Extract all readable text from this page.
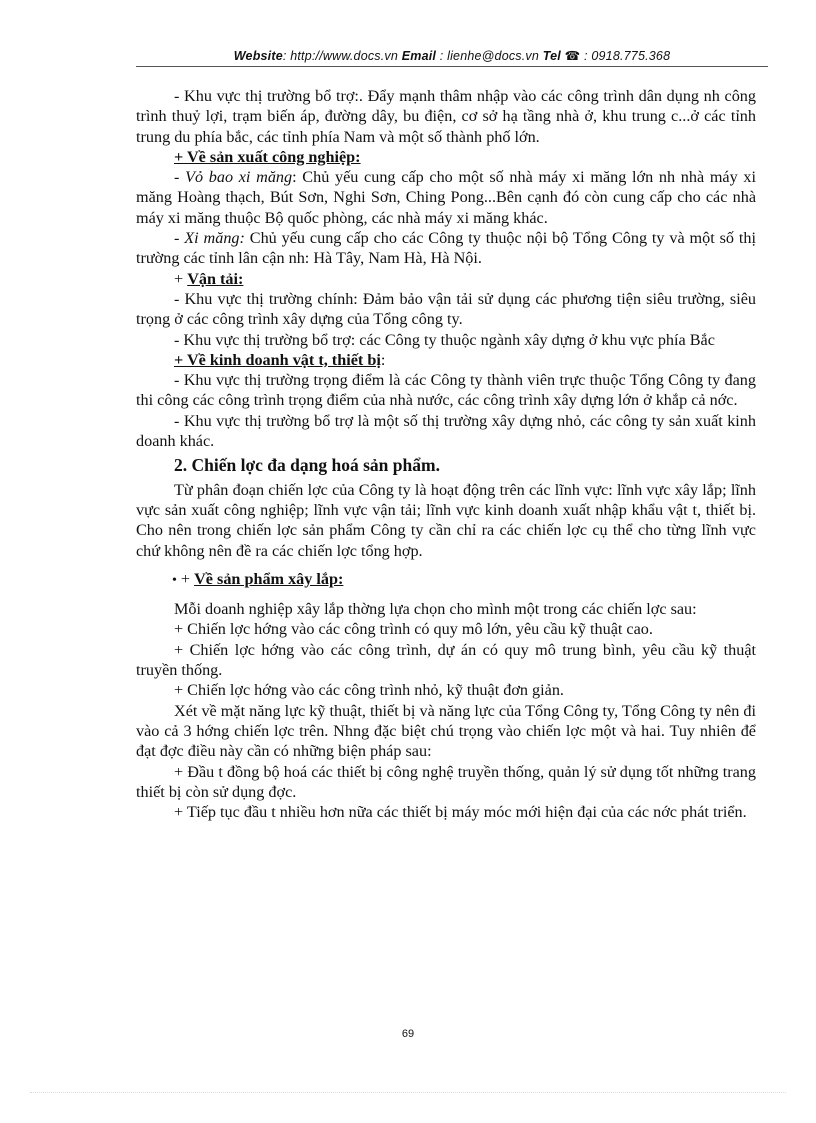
Website: http://www.docs.vn Email : lienhe@docs.vn Tel ☎ : 0918.775.368

- Khu vực thị trường bổ trợ:. Đẩy mạnh thâm nhập vào các công trình dân dụng nh công trình thuỷ lợi, trạm biến áp, đường dây, bu điện, cơ sở hạ tầng nhà ở, khu trung c...ở các tỉnh trung du phía bắc, các tỉnh phía Nam và một số thành phố lớn.

+ Về sản xuất công nghiệp:

- Vỏ bao xi măng: Chủ yếu cung cấp cho một số nhà máy xi măng lớn nh nhà máy xi măng Hoàng thạch, Bút Sơn, Nghi Sơn, Ching Pong...Bên cạnh đó còn cung cấp cho các nhà máy xi măng thuộc Bộ quốc phòng, các nhà máy xi măng khác.

- Xi măng: Chủ yếu cung cấp cho các Công ty thuộc nội bộ Tổng Công ty và một số thị trường các tỉnh lân cận nh: Hà Tây, Nam Hà, Hà Nội.

+ Vận tải:

- Khu vực thị trường chính: Đảm bảo vận tải sử dụng các phương tiện siêu trường, siêu trọng ở các công trình xây dựng của Tổng công ty.

- Khu vực thị trường bổ trợ: các Công ty thuộc ngành xây dựng ở khu vực phía Bắc

+ Về kinh doanh vật t, thiết bị:

- Khu vực thị trường trọng điểm là các Công ty thành viên trực thuộc Tổng Công ty đang thi công các công trình trọng điểm của nhà nước, các công trình xây dựng lớn ở khắp cả nớc.

- Khu vực thị trường bổ trợ là một số thị trường xây dựng nhỏ, các công ty sản xuất kinh doanh khác.

2. Chiến lợc đa dạng hoá sản phẩm.

Từ phân đoạn chiến lợc của Công ty là hoạt động trên các lĩnh vực: lĩnh vực xây lắp; lĩnh vực sản xuất công nghiệp; lĩnh vực vận tải; lĩnh vực kinh doanh xuất nhập khẩu vật t, thiết bị. Cho nên trong chiến lợc sản phẩm Công ty cần chỉ ra các chiến lợc cụ thể cho từng lĩnh vực chứ không nên đề ra các chiến lợc tổng hợp.

• + Về sản phẩm xây lắp:

Mỗi doanh nghiệp xây lắp thờng lựa chọn cho mình một trong các chiến lợc sau:

+ Chiến lợc hớng vào các công trình có quy mô lớn, yêu cầu kỹ thuật cao.

+ Chiến lợc hớng vào các công trình, dự án có quy mô trung bình, yêu cầu kỹ thuật truyền thống.

+ Chiến lợc hớng vào các công trình nhỏ, kỹ thuật đơn giản.

Xét về mặt năng lực kỹ thuật, thiết bị và năng lực của Tổng Công ty, Tổng Công ty nên đi vào cả 3 hớng chiến lợc trên. Nhng đặc biệt chú trọng vào chiến lợc một và hai. Tuy nhiên để đạt đợc điều này cần có những biện pháp sau:

+ Đầu t đồng bộ hoá các thiết bị công nghệ truyền thống, quản lý sử dụng tốt những trang thiết bị còn sử dụng đợc.

+ Tiếp tục đầu t nhiều hơn nữa các thiết bị máy móc mới hiện đại của các nớc phát triển.

69
